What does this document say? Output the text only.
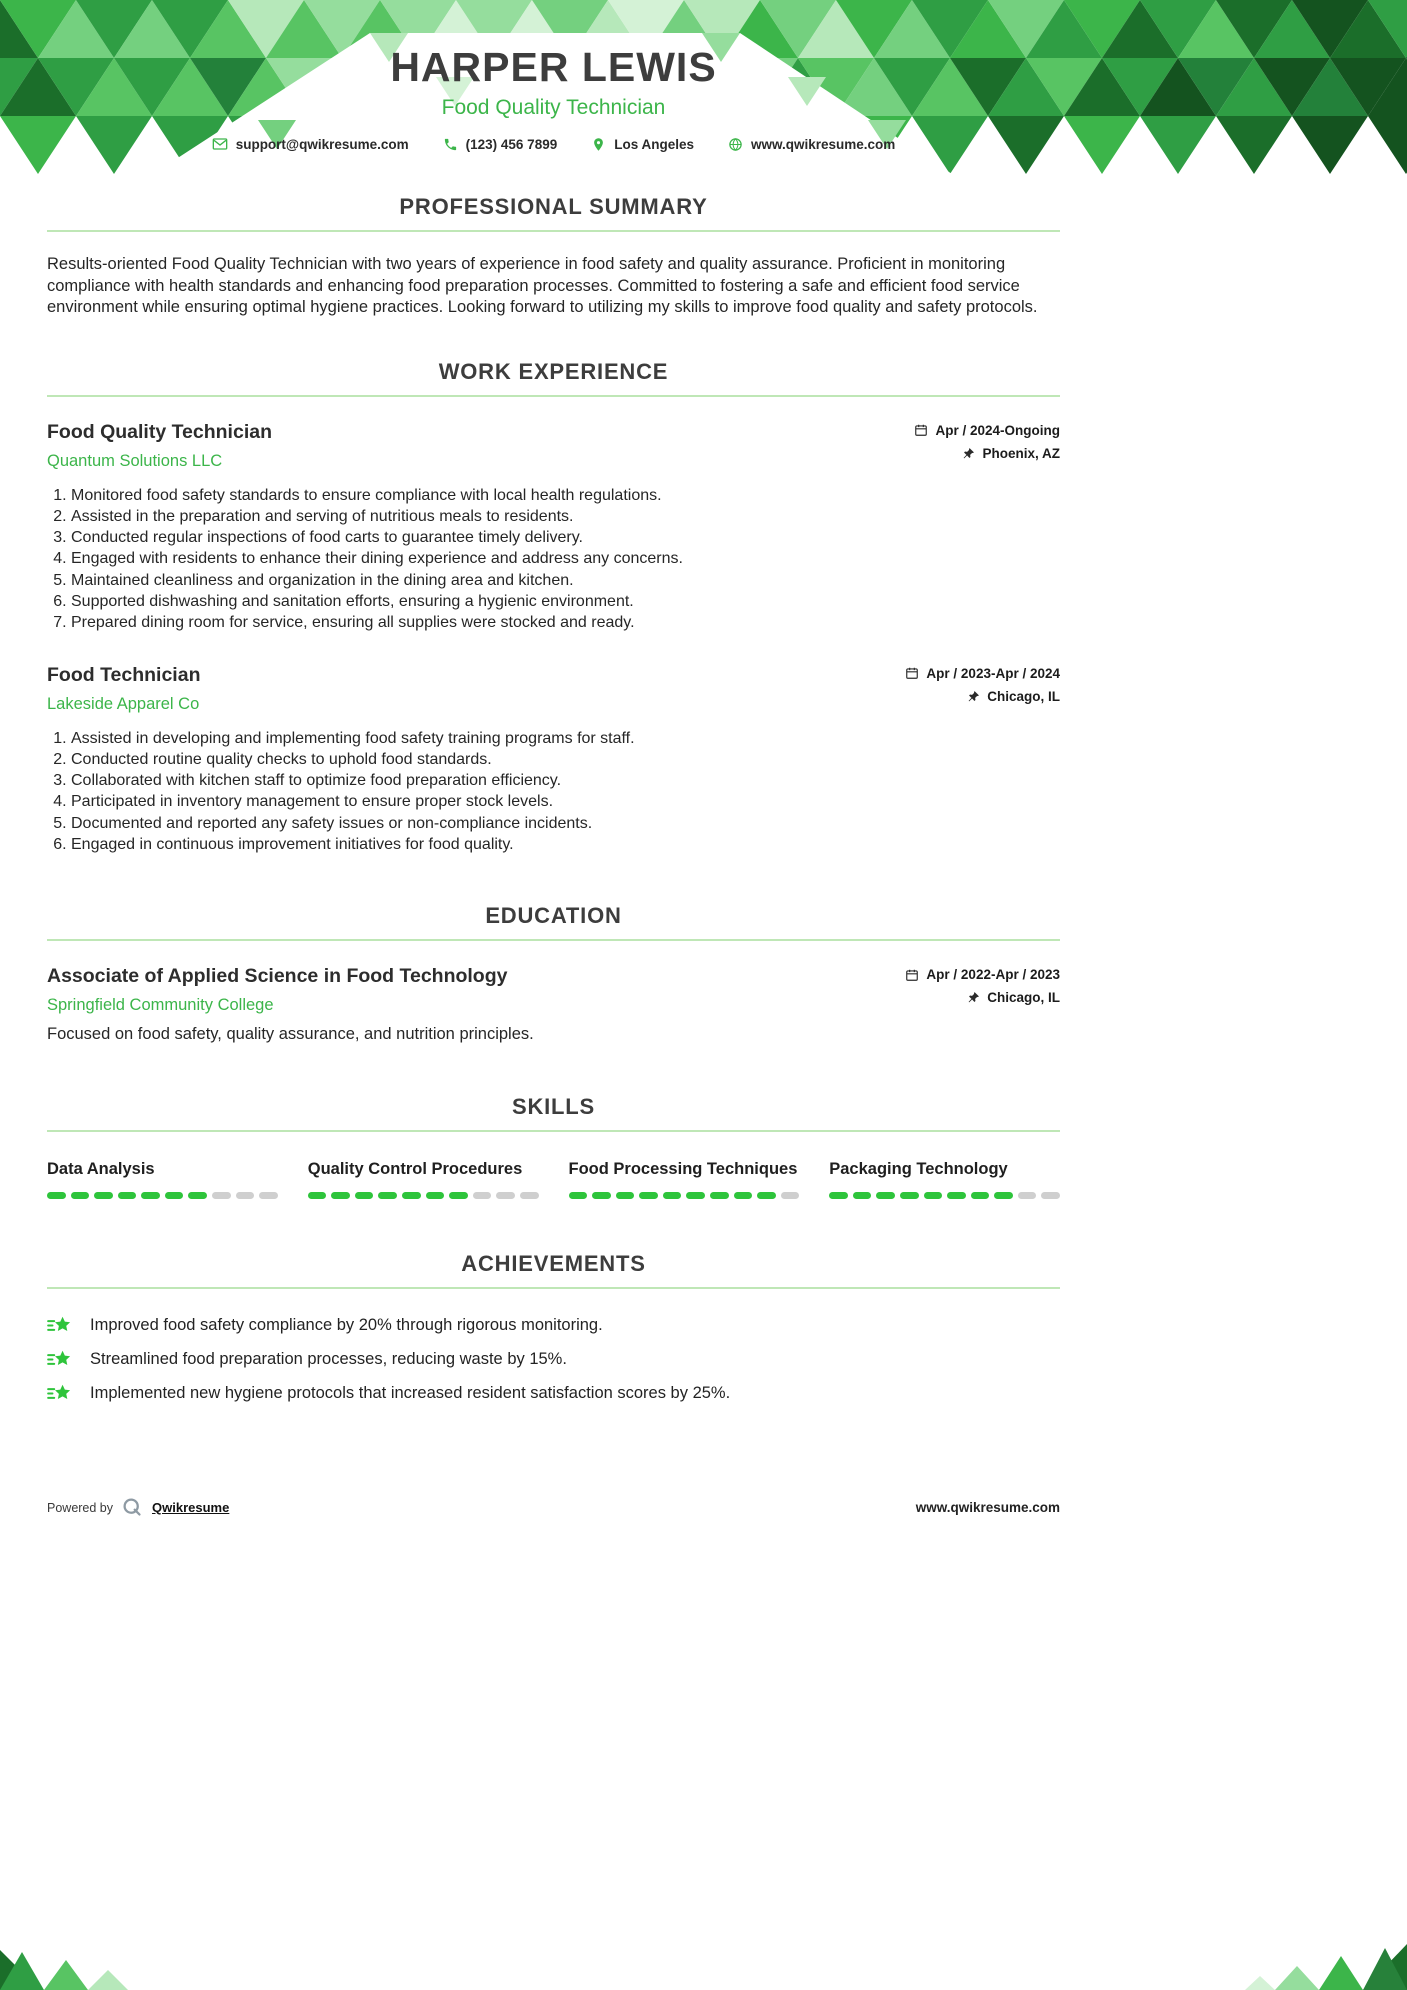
HARPER LEWIS
Food Quality Technician
support@qwikresume.com	(123) 456 7899	Los Angeles	www.qwikresume.com
PROFESSIONAL SUMMARY

Results-oriented Food Quality Technician with two years of experience in food safety and quality assurance. Proficient in monitoring compliance with health standards and enhancing food preparation processes. Committed to fostering a safe and efficient food service environment while ensuring optimal hygiene practices. Looking forward to utilizing my skills to improve food quality and safety protocols.

WORK EXPERIENCE
Food Quality Technician
Quantum Solutions LLC
Apr / 2024-Ongoing
Phoenix, AZ
1. Monitored food safety standards to ensure compliance with local health regulations.
2. Assisted in the preparation and serving of nutritious meals to residents.
3. Conducted regular inspections of food carts to guarantee timely delivery.
4. Engaged with residents to enhance their dining experience and address any concerns.
5. Maintained cleanliness and organization in the dining area and kitchen.
6. Supported dishwashing and sanitation efforts, ensuring a hygienic environment.
7. Prepared dining room for service, ensuring all supplies were stocked and ready.
Food Technician
Lakeside Apparel Co
Apr / 2023-Apr / 2024
Chicago, IL
1. Assisted in developing and implementing food safety training programs for staff.
2. Conducted routine quality checks to uphold food standards.
3. Collaborated with kitchen staff to optimize food preparation efficiency.
4. Participated in inventory management to ensure proper stock levels.
5. Documented and reported any safety issues or non-compliance incidents.
6. Engaged in continuous improvement initiatives for food quality.
EDUCATION
Associate of Applied Science in Food Technology
Springfield Community College
Apr / 2022-Apr / 2023
Chicago, IL

Focused on food safety, quality assurance, and nutrition principles.

SKILLS
Data Analysis	Quality Control Procedures	Food Processing Techniques Packaging Technology
ACHIEVEMENTS
Improved food safety compliance by 20% through rigorous monitoring.
Streamlined food preparation processes, reducing waste by 15%.
Implemented new hygiene protocols that increased resident satisfaction scores by 25%.
Powered by	Qwikresume	www.qwikresume.com
